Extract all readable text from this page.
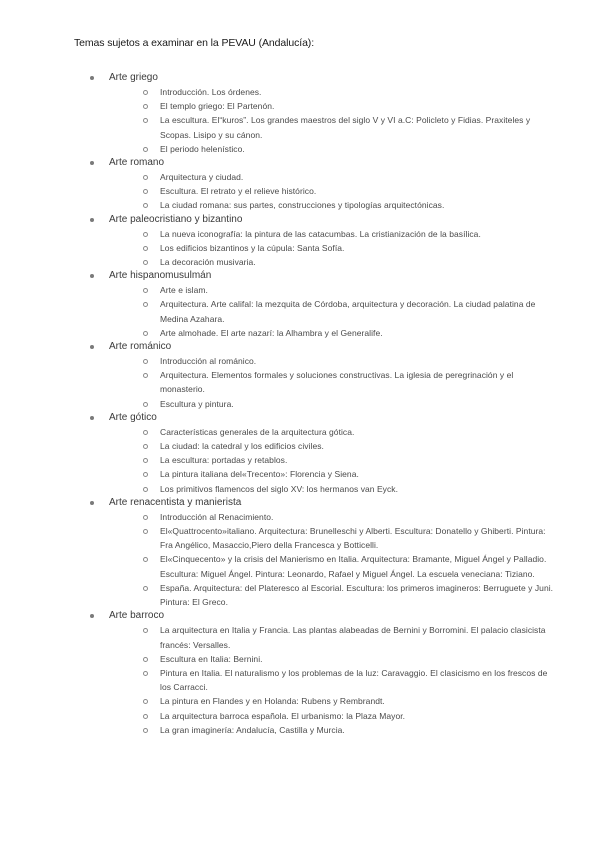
Temas sujetos a examinar en la PEVAU (Andalucía):
Arte griego
Introducción. Los órdenes.
El templo griego: El Partenón.
La escultura. El“kuros”. Los grandes maestros del siglo V y VI a.C: Policleto y Fidias. Praxiteles y Scopas. Lisipo y su cánon.
El periodo helenístico.
Arte romano
Arquitectura y ciudad.
Escultura. El retrato y el relieve histórico.
La ciudad romana: sus partes, construcciones y tipologías arquitectónicas.
Arte paleocristiano y bizantino
La nueva iconografía: la pintura de las catacumbas. La cristianización de la basílica.
Los edificios bizantinos y la cúpula: Santa Sofía.
La decoración musivaria.
Arte hispanomusulmán
Arte e islam.
Arquitectura. Arte califal: la mezquita de Córdoba, arquitectura y decoración. La ciudad palatina de Medina Azahara.
Arte almohade. El arte nazarí: la Alhambra y el Generalife.
Arte románico
Introducción al románico.
Arquitectura. Elementos formales y soluciones constructivas. La iglesia de peregrinación y el monasterio.
Escultura y pintura.
Arte gótico
Características generales de la arquitectura gótica.
La ciudad: la catedral y los edificios civiles.
La escultura: portadas y retablos.
La pintura italiana del«Trecento»: Florencia y Siena.
Los primitivos flamencos del siglo XV: los hermanos van Eyck.
Arte renacentista y manierista
Introducción al Renacimiento.
El«Quattrocento»italiano. Arquitectura: Brunelleschi y Alberti. Escultura: Donatello y Ghiberti. Pintura: Fra Angélico, Masaccio,Piero della Francesca y Botticelli.
El«Cinquecento» y la crisis del Manierismo en Italia. Arquitectura: Bramante, Miguel Ángel y Palladio. Escultura: Miguel Ángel. Pintura: Leonardo, Rafael y Miguel Ángel. La escuela veneciana: Tiziano.
España. Arquitectura: del Plateresco al Escorial. Escultura: los primeros imagineros: Berruguete y Juni. Pintura: El Greco.
Arte barroco
La arquitectura en Italia y Francia. Las plantas alabeadas de Bernini y Borromini. El palacio clasicista francés: Versalles.
Escultura en Italia: Bernini.
Pintura en Italia. El naturalismo y los problemas de la luz: Caravaggio. El clasicismo en los frescos de los Carracci.
La pintura en Flandes y en Holanda: Rubens y Rembrandt.
La arquitectura barroca española. El urbanismo: la Plaza Mayor.
La gran imaginería: Andalucía, Castilla y Murcia.
